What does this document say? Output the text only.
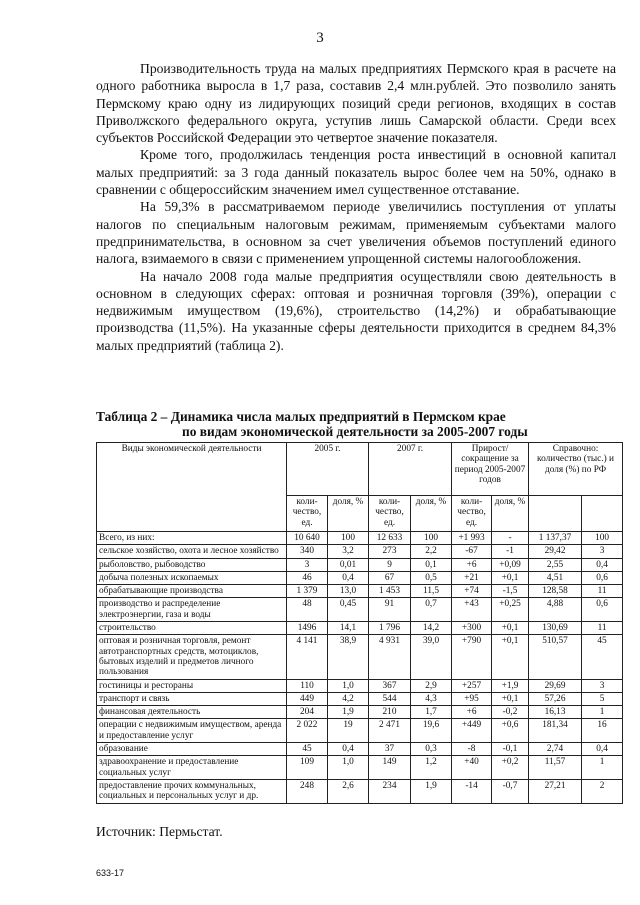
3

Производительность труда на малых предприятиях Пермского края в расчете на одного работника выросла в 1,7 раза, составив 2,4 млн.рублей. Это позволило занять Пермскому краю одну из лидирующих позиций среди регионов, входящих в состав Приволжского федерального округа, уступив лишь Самарской области. Среди всех субъектов Российской Федерации это четвертое значение показателя.

Кроме того, продолжилась тенденция роста инвестиций в основной капитал малых предприятий: за 3 года данный показатель вырос более чем на 50%, однако в сравнении с общероссийским значением имел существенное отставание.

На 59,3% в рассматриваемом периоде увеличились поступления от уплаты налогов по специальным налоговым режимам, применяемым субъектами малого предпринимательства, в основном за счет увеличения объемов поступлений единого налога, взимаемого в связи с применением упрощенной системы налогообложения.

На начало 2008 года малые предприятия осуществляли свою деятельность в основном в следующих сферах: оптовая и розничная торговля (39%), операции с недвижимым имуществом (19,6%), строительство (14,2%) и обрабатывающие производства (11,5%). На указанные сферы деятельности приходится в среднем 84,3% малых предприятий (таблица 2).

Таблица 2 – Динамика числа малых предприятий в Пермском крае
по видам экономической деятельности за 2005-2007 годы
Виды экономической деятельности	2005 г.		2007 г.		Прирост/ сокращение за период 2005-2007 годов		Справочно: количество (тыс.) и доля (%) по РФ	
	коли-чество, ед.	доля, %	коли-чество, ед.	доля, %	коли-чество, ед.	доля, %		
Всего, из них:	10 640	100	12 633	100	+1 993	-	1 137,37	100
сельское хозяйство, охота и лесное хозяйство	340	3,2	273	2,2	-67	-1	29,42	3
рыболовство, рыбоводство	3	0,01	9	0,1	+6	+0,09	2,55	0,4
добыча полезных ископаемых	46	0,4	67	0,5	+21	+0,1	4,51	0,6
обрабатывающие производства	1 379	13,0	1 453	11,5	+74	-1,5	128,58	11
производство и распределение электроэнергии, газа и воды	48	0,45	91	0,7	+43	+0,25	4,88	0,6
строительство	1496	14,1	1 796	14,2	+300	+0,1	130,69	11
оптовая и розничная торговля, ремонт автотранспортных средств, мотоциклов, бытовых изделий и предметов личного пользования	4 141	38,9	4 931	39,0	+790	+0,1	510,57	45
гостиницы и рестораны	110	1,0	367	2,9	+257	+1,9	29,69	3
транспорт и связь	449	4,2	544	4,3	+95	+0,1	57,26	5
финансовая деятельность	204	1,9	210	1,7	+6	-0,2	16,13	1
операции с недвижимым имуществом, аренда и предоставление услуг	2 022	19	2 471	19,6	+449	+0,6	181,34	16
образование	45	0,4	37	0,3	-8	-0,1	2,74	0,4
здравоохранение и предоставление социальных услуг	109	1,0	149	1,2	+40	+0,2	11,57	1
предоставление прочих коммунальных, социальных и персональных услуг и др.	248	2,6	234	1,9	-14	-0,7	27,21	2
Источник: Пермьстат.
633-17
